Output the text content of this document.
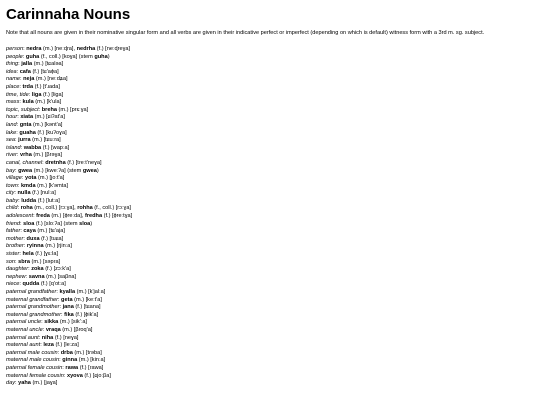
Carinnaha Nouns

Note that all nouns are given in their nominative singular form and all verbs are given in their indicative perfect or imperfect (depending on which is default) witness form with a 3rd m. sg. subject.

person: nedra (m.) [neːɖra], nedrha (f.) [neːɖreɣa]
people: guha (f., coll.) [koɣa] (stem guha)
thing: jalla (m.) [tɕaləa]
idea: cafa (f.) [tɕ'aɸa]
name: neja (m.) [neːdʑa]
place: trda (f.) [t'ɹada]
time, tide: liga (f.) [liga]
mass: kula (m.) [k'ula]
topic, subject: breha (m.) [prɛːɣa]
hour: xiata (m.) [ɕiʔat'a]
land: gnta (m.) [kənt'a]
lake: guaha (f.) [kuʔoɣa]
sea: jurra (m.) [tɕuːra]
island: wabba (f.) [wapːa]
river: vrha (m.) [βrəɣa]
canal, channel: dretnha (f.) [tɾeːt'neɣa]
bay: gwea (m.) [kweːʔa] (stem gwea)
village: yota (m.) [joːt'a]
town: kmda (m.) [k'əmta]
city: nulla (f.) [nulːa]
baby: ludda (f.) [lutːa]
child: roha (m., coll.) [rɔːɣa], rohha (f., coll.) [rɔːɣa]
adolescent: freda (m.) [ɸɾeːda], fredha (f.) [ɸreːtɣa]
friend: sloa (f.) [sloːʔa] (stem sloa)
father: caya (m.) [tɕ'aja]
mother: duxa (f.) [tuɕa]
brother: ryinna (m.) [rjinːa]
sister: hela (f.) [ɣɛːla]
son: sbra (m.) [səpɾa]
daughter: zoka (f.) [zɔːk'a]
nephew: savna (m.) [saβna]
niece: qudda (f.) [q'otːa]
paternal grandfather: kyalla (m.) [k'jalːa]
maternal grandfather: geta (m.) [keːt'a]
paternal grandmother: jana (f.) [tɕana]
maternal grandmother: fika (f.) [ɸik'a]
paternal uncle: sikka (m.) [sik'ːa]
maternal uncle: vraqa (m.) [βɾoq'a]
paternal aunt: niha (f.) [neɣa]
maternal aunt: leza (f.) [leːza]
paternal male cousin: drba (m.) [tɾəba]
maternal male cousin: ginna (m.) [kinːa]
paternal female cousin: rawa (f.) [ɾawa]
maternal female cousin: xyova (f.) [ɕjoːβa]
day: yaha (m.) [jaɣa]
